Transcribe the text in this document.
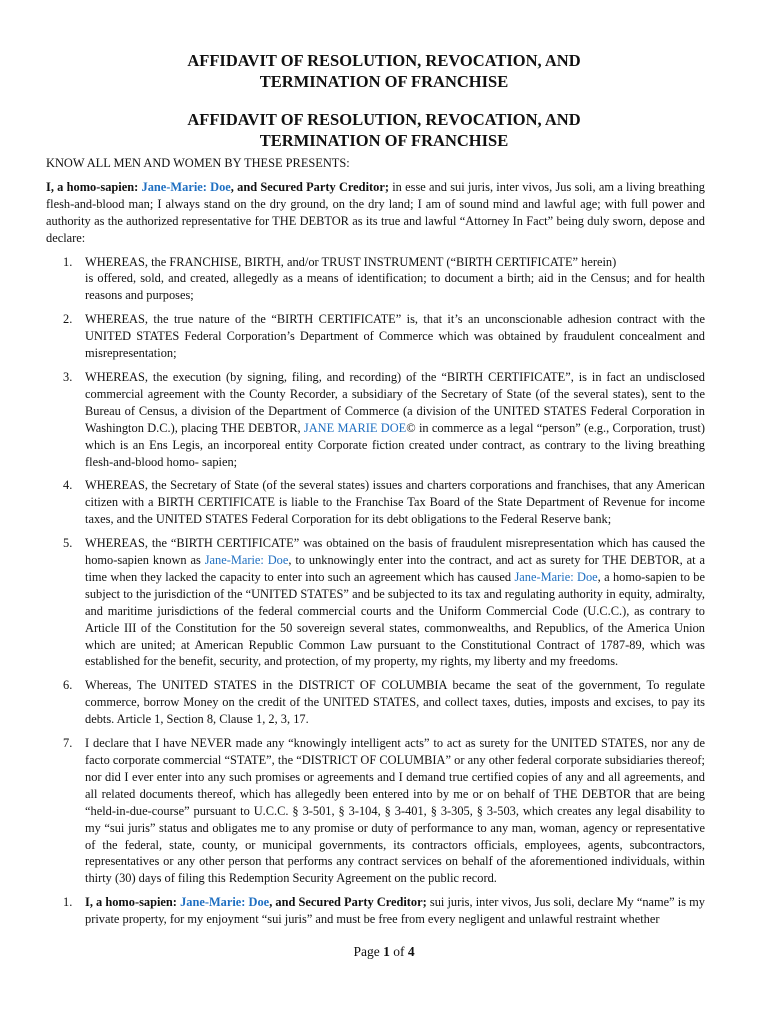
AFFIDAVIT OF RESOLUTION, REVOCATION, AND
TERMINATION OF FRANCHISE
AFFIDAVIT OF RESOLUTION, REVOCATION, AND
TERMINATION OF FRANCHISE

KNOW ALL MEN AND WOMEN BY THESE PRESENTS:

I, a homo-sapien: Jane-Marie: Doe, and Secured Party Creditor; in esse and sui juris, inter vivos, Jus soli, am a living breathing flesh-and-blood man; I always stand on the dry ground, on the dry land; I am of sound mind and lawful age; with full power and authority as the authorized representative for THE DEBTOR as its true and lawful “Attorney In Fact” being duly sworn, depose and declare:

1. WHEREAS, the FRANCHISE, BIRTH, and/or TRUST INSTRUMENT (“BIRTH CERTIFICATE” herein)
is offered, sold, and created, allegedly as a means of identification; to document a birth; aid in the Census; and for health reasons and purposes;
2. WHEREAS, the true nature of the “BIRTH CERTIFICATE” is, that it’s an unconscionable adhesion contract with the UNITED STATES Federal Corporation’s Department of Commerce which was obtained by fraudulent concealment and misrepresentation;
3. WHEREAS, the execution (by signing, filing, and recording) of the “BIRTH CERTIFICATE”, is in fact an undisclosed commercial agreement with the County Recorder, a subsidiary of the Secretary of State (of the several states), sent to the Bureau of Census, a division of the Department of Commerce (a division of the UNITED STATES Federal Corporation in Washington D.C.), placing THE DEBTOR, JANE MARIE DOE© in commerce as a legal “person” (e.g., Corporation, trust) which is an Ens Legis, an incorporeal entity Corporate fiction created under contract, as contrary to the living breathing flesh-and-blood homo- sapien;
4. WHEREAS, the Secretary of State (of the several states) issues and charters corporations and franchises, that any American citizen with a BIRTH CERTIFICATE is liable to the Franchise Tax Board of the State Department of Revenue for income taxes, and the UNITED STATES Federal Corporation for its debt obligations to the Federal Reserve bank;
5. WHEREAS, the “BIRTH CERTIFICATE” was obtained on the basis of fraudulent misrepresentation which has caused the homo-sapien known as Jane-Marie: Doe, to unknowingly enter into the contract, and act as surety for THE DEBTOR, at a time when they lacked the capacity to enter into such an agreement which has caused Jane-Marie: Doe, a homo-sapien to be subject to the jurisdiction of the “UNITED STATES” and be subjected to its tax and regulating authority in equity, admiralty, and maritime jurisdictions of the federal commercial courts and the Uniform Commercial Code (U.C.C.), as contrary to Article III of the Constitution for the 50 sovereign several states, commonwealths, and Republics, of the America Union which are united; at American Republic Common Law pursuant to the Constitutional Contract of 1787-89, which was established for the benefit, security, and protection, of my property, my rights, my liberty and my freedoms.
6. Whereas, The UNITED STATES in the DISTRICT OF COLUMBIA became the seat of the government, To regulate commerce, borrow Money on the credit of the UNITED STATES, and collect taxes, duties, imposts and excises, to pay its debts. Article 1, Section 8, Clause 1, 2, 3, 17.
7. I declare that I have NEVER made any “knowingly intelligent acts” to act as surety for the UNITED STATES, nor any de facto corporate commercial “STATE”, the “DISTRICT OF COLUMBIA” or any other federal corporate subsidiaries thereof; nor did I ever enter into any such promises or agreements and I demand true certified copies of any and all agreements, and all related documents thereof, which has allegedly been entered into by me or on behalf of THE DEBTOR that are being “held-in-due-course” pursuant to U.C.C. § 3-501, § 3-104, § 3-401, § 3-305, § 3-503, which creates any legal disability to my “sui juris” status and obligates me to any promise or duty of performance to any man, woman, agency or representative of the federal, state, county, or municipal governments, its contractors officials, employees, agents, subcontractors, representatives or any other person that performs any contract services on behalf of the aforementioned individuals, within thirty (30) days of filing this Redemption Security Agreement on the public record.
1. I, a homo-sapien: Jane-Marie: Doe, and Secured Party Creditor; sui juris, inter vivos, Jus soli, declare My “name” is my private property, for my enjoyment “sui juris” and must be free from every negligent and unlawful restraint whether
Page 1 of 4
